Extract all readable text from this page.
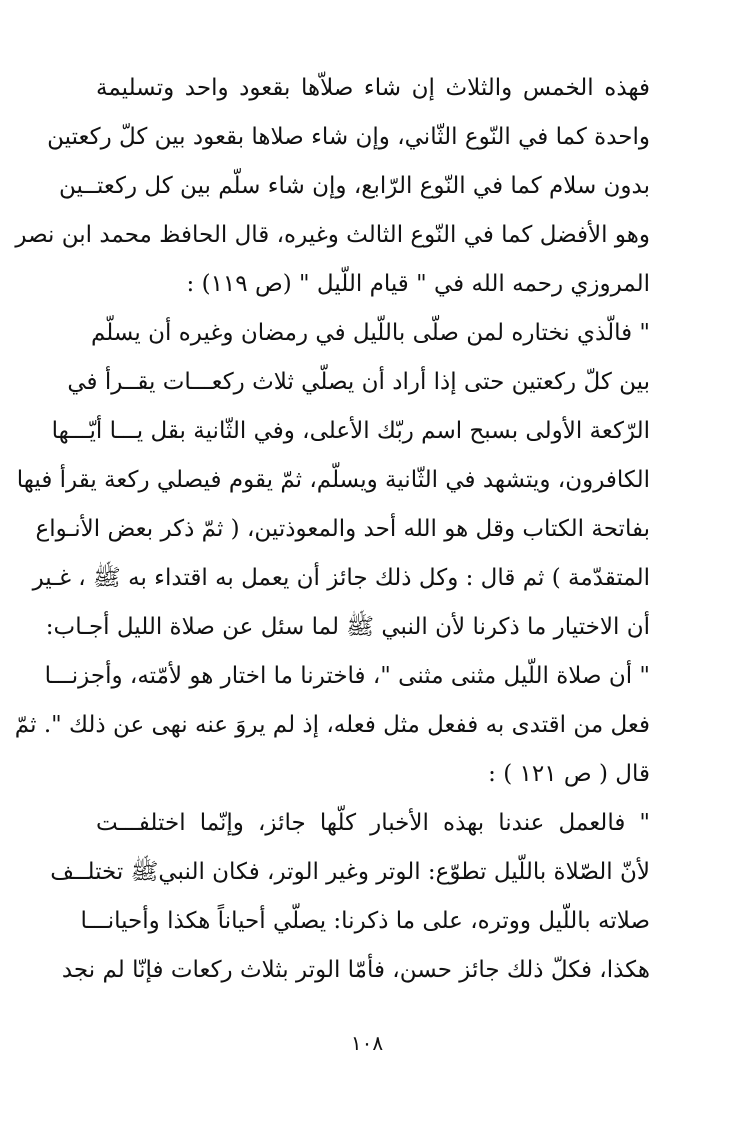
فهذه الخمس والثلاث إن شاء صلاّها بقعود واحد وتسليمة
واحدة كما في النّوع الثّاني، وإن شاء صلاها بقعود بين كلّ ركعتين
بدون سلام كما في النّوع الرّابع، وإن شاء سلّم بين كل ركعتــين
وهو الأفضل كما في النّوع الثالث وغيره، قال الحافظ محمد ابن نصر
المروزي رحمه الله في " قيام اللّيل " (ص ١١٩) :
" فالّذي نختاره لمن صلّى باللّيل في رمضان وغيره أن يسلّم
بين كلّ ركعتين حتى إذا أراد أن يصلّي ثلاث ركعـــات يقــرأ في
الرّكعة الأولى بسبح اسم ربّك الأعلى، وفي الثّانية بقل يـــا أيّـــها
الكافرون، ويتشهد في الثّانية ويسلّم، ثمّ يقوم فيصلي ركعة يقرأ فيها
بفاتحة الكتاب وقل هو الله أحد والمعوذتين، ( ثمّ ذكر بعض الأنـواع
المتقدّمة ) ثم قال : وكل ذلك جائز أن يعمل به اقتداء به ﷺ ، غـير
أن الاختيار ما ذكرنا لأن النبي ﷺ لما سئل عن صلاة الليل أجـاب:
" أن صلاة اللّيل مثنى مثنى "، فاخترنا ما اختار هو لأمّته، وأجزنـــا
فعل من اقتدى به ففعل مثل فعله، إذ لم يروَ عنه نهى عن ذلك ". ثمّ
قال ( ص ١٢١ ) :
" فالعمل عندنا بهذه الأخبار كلّها جائز، وإنّما اختلفـــت
لأنّ الصّلاة باللّيل تطوّع: الوتر وغير الوتر، فكان النبيﷺ تختلــف
صلاته باللّيل ووتره، على ما ذكرنا: يصلّي أحياناً هكذا وأحيانـــا
هكذا، فكلّ ذلك جائز حسن، فأمّا الوتر بثلاث ركعات فإنّا لم نجد
١٠٨
